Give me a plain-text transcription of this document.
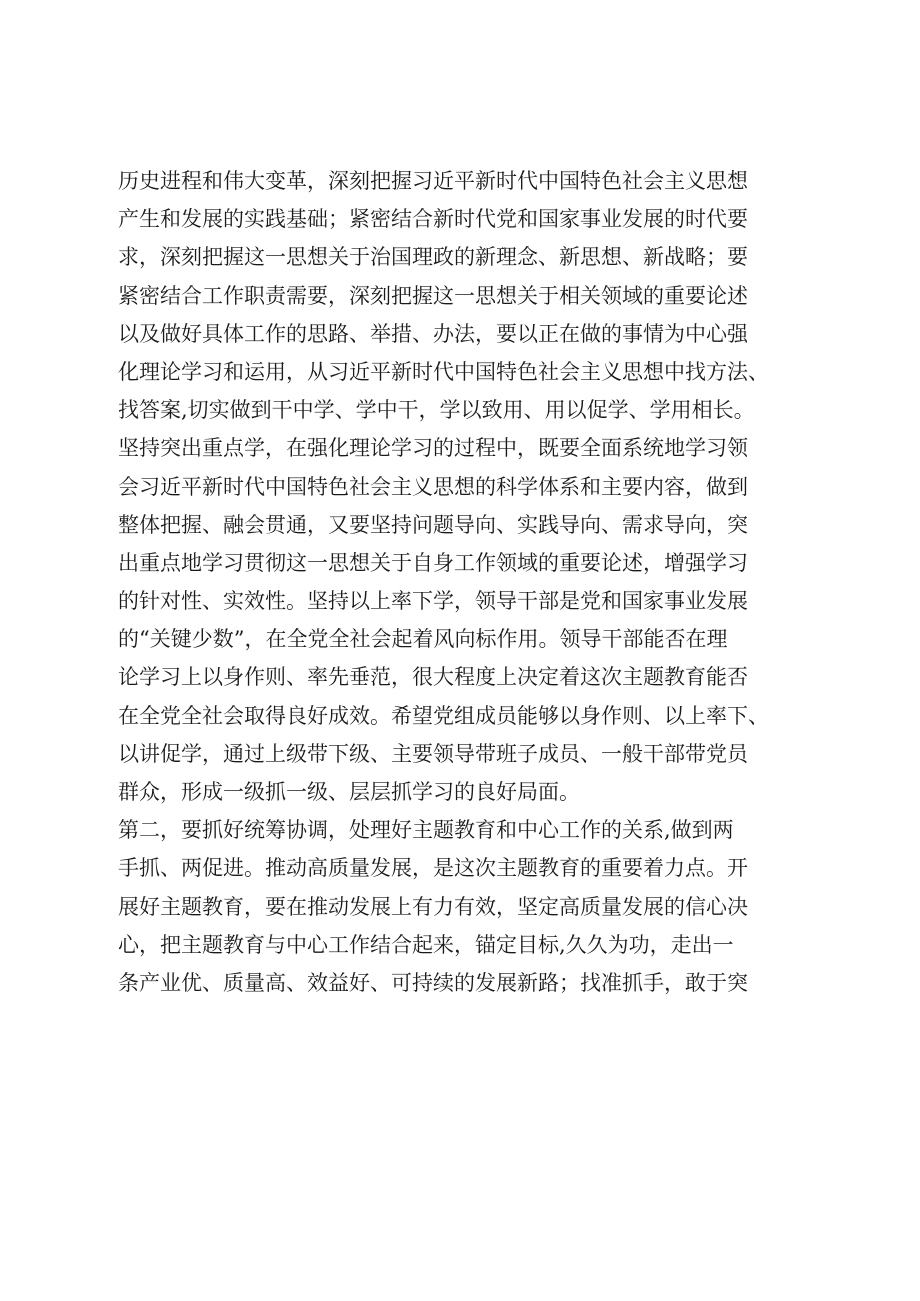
历史进程和伟大变革，深刻把握习近平新时代中国特色社会主义思想
产生和发展的实践基础；紧密结合新时代党和国家事业发展的时代要
求，深刻把握这一思想关于治国理政的新理念、新思想、新战略；要
紧密结合工作职责需要，深刻把握这一思想关于相关领域的重要论述
以及做好具体工作的思路、举措、办法，要以正在做的事情为中心强
化理论学习和运用，从习近平新时代中国特色社会主义思想中找方法、
找答案,切实做到干中学、学中干，学以致用、用以促学、学用相长。
坚持突出重点学，在强化理论学习的过程中，既要全面系统地学习领
会习近平新时代中国特色社会主义思想的科学体系和主要内容，做到
整体把握、融会贯通，又要坚持问题导向、实践导向、需求导向，突
出重点地学习贯彻这一思想关于自身工作领域的重要论述，增强学习
的针对性、实效性。坚持以上率下学，领导干部是党和国家事业发展
的“关键少数”，在全党全社会起着风向标作用。领导干部能否在理
论学习上以身作则、率先垂范，很大程度上决定着这次主题教育能否
在全党全社会取得良好成效。希望党组成员能够以身作则、以上率下、
以讲促学，通过上级带下级、主要领导带班子成员、一般干部带党员
群众，形成一级抓一级、层层抓学习的良好局面。
第二，要抓好统筹协调，处理好主题教育和中心工作的关系,做到两
手抓、两促进。推动高质量发展，是这次主题教育的重要着力点。开
展好主题教育，要在推动发展上有力有效，坚定高质量发展的信心决
心，把主题教育与中心工作结合起来，锚定目标,久久为功，走出一
条产业优、质量高、效益好、可持续的发展新路；找准抓手，敢于突
